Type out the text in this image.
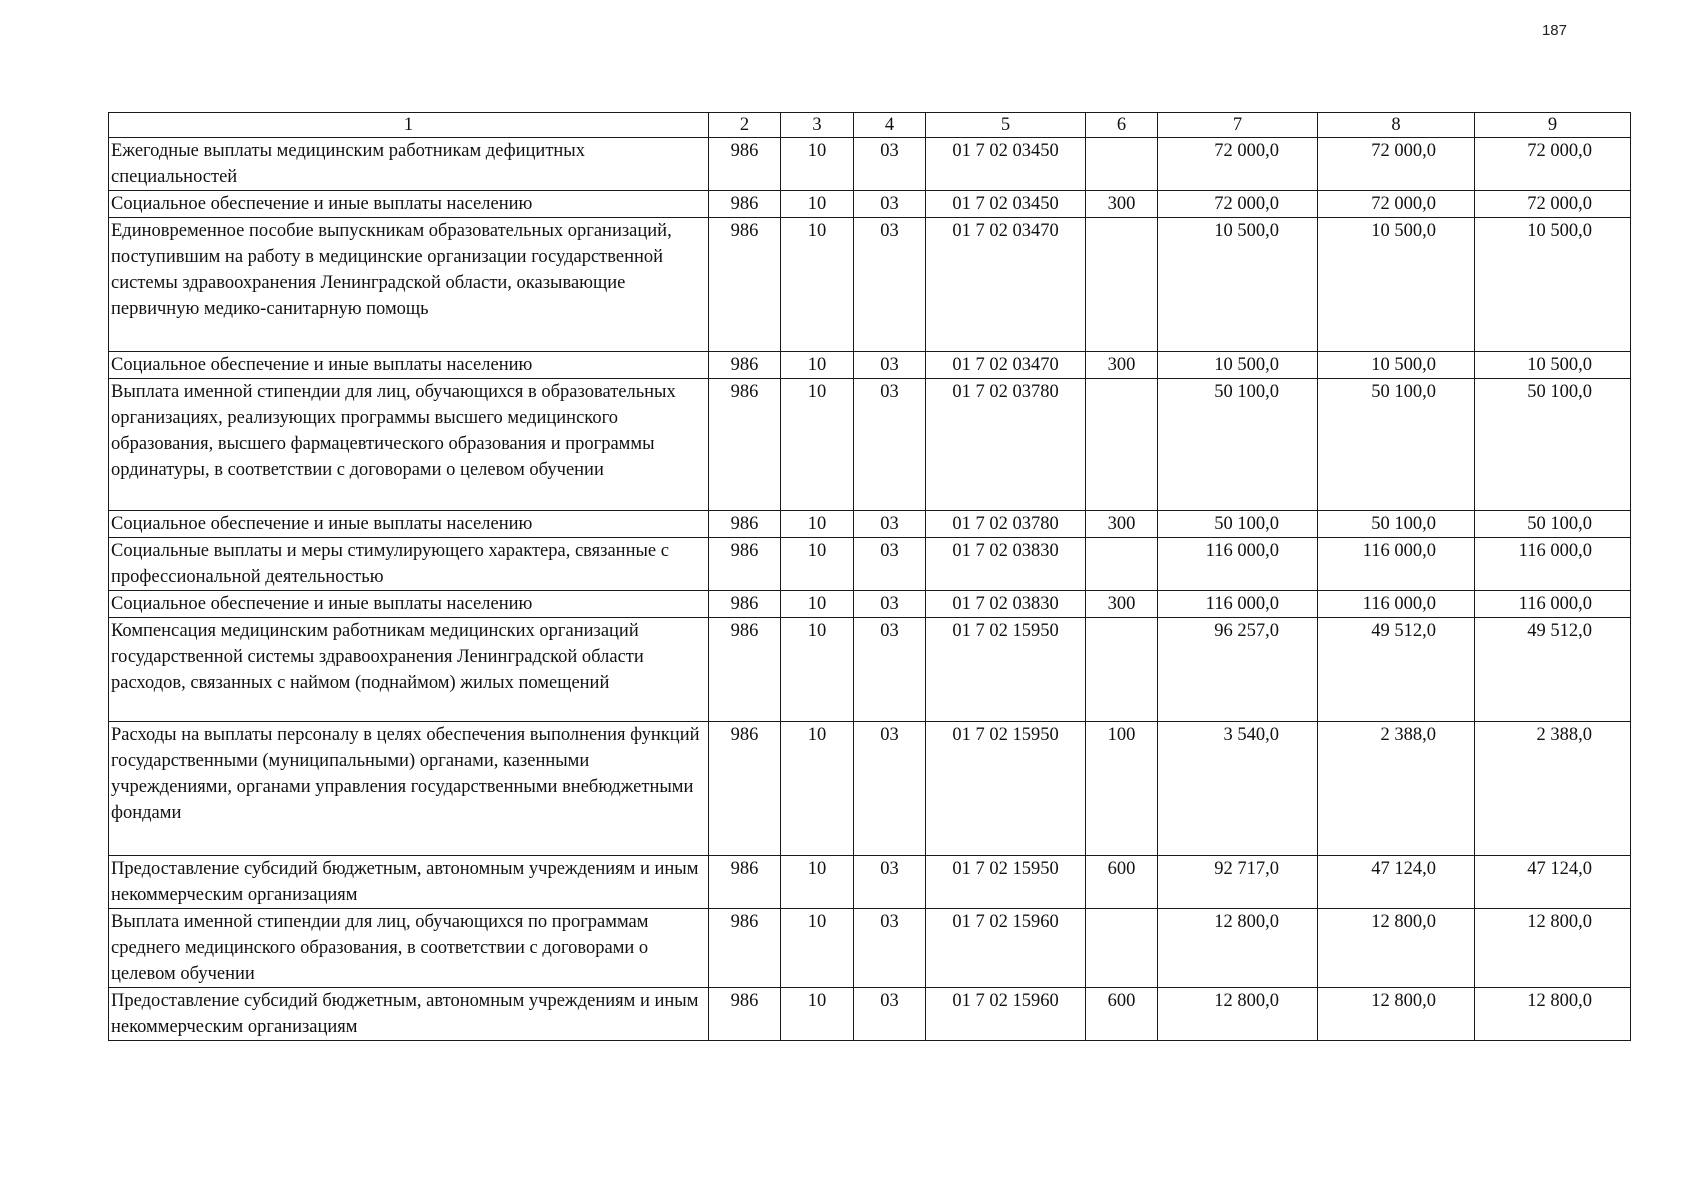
187
1	2	3	4	5	6	7	8	9
Ежегодные выплаты медицинским работникам дефицитных специальностей	986	10	03	01 7 02 03450		72 000,0	72 000,0	72 000,0
Социальное обеспечение и иные выплаты населению	986	10	03	01 7 02 03450	300	72 000,0	72 000,0	72 000,0
Единовременное пособие выпускникам образовательных организаций, поступившим на работу в медицинские организации государственной системы здравоохранения Ленинградской области, оказывающие первичную медико-санитарную помощь	986	10	03	01 7 02 03470		10 500,0	10 500,0	10 500,0
Социальное обеспечение и иные выплаты населению	986	10	03	01 7 02 03470	300	10 500,0	10 500,0	10 500,0
Выплата именной стипендии для лиц, обучающихся в образовательных организациях, реализующих программы высшего медицинского образования, высшего фармацевтического образования и программы ординатуры, в соответствии с договорами о целевом обучении	986	10	03	01 7 02 03780		50 100,0	50 100,0	50 100,0
Социальное обеспечение и иные выплаты населению	986	10	03	01 7 02 03780	300	50 100,0	50 100,0	50 100,0
Социальные выплаты и меры стимулирующего характера, связанные с профессиональной деятельностью	986	10	03	01 7 02 03830		116 000,0	116 000,0	116 000,0
Социальное обеспечение и иные выплаты населению	986	10	03	01 7 02 03830	300	116 000,0	116 000,0	116 000,0
Компенсация медицинским работникам медицинских организаций государственной системы здравоохранения Ленинградской области расходов, связанных с наймом (поднаймом) жилых помещений	986	10	03	01 7 02 15950		96 257,0	49 512,0	49 512,0
Расходы на выплаты персоналу в целях обеспечения выполнения функций государственными (муниципальными) органами, казенными учреждениями, органами управления государственными внебюджетными фондами	986	10	03	01 7 02 15950	100	3 540,0	2 388,0	2 388,0
Предоставление субсидий бюджетным, автономным учреждениям и иным некоммерческим организациям	986	10	03	01 7 02 15950	600	92 717,0	47 124,0	47 124,0
Выплата именной стипендии для лиц, обучающихся по программам среднего медицинского образования, в соответствии с договорами о целевом обучении	986	10	03	01 7 02 15960		12 800,0	12 800,0	12 800,0
Предоставление субсидий бюджетным, автономным учреждениям и иным некоммерческим организациям	986	10	03	01 7 02 15960	600	12 800,0	12 800,0	12 800,0
